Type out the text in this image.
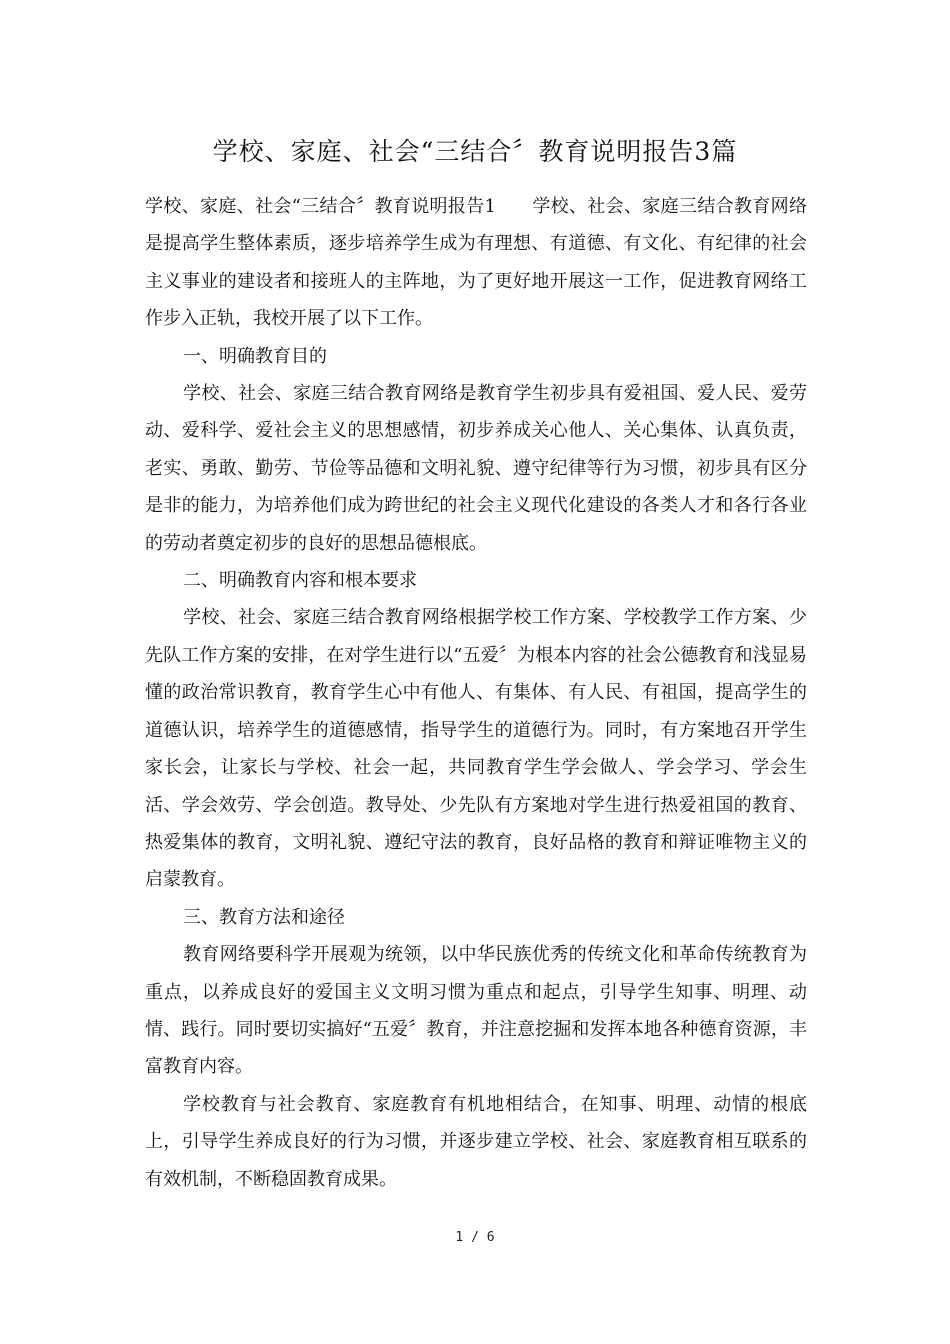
学校、家庭、社会“三结合〞教育说明报告3篇

学校、家庭、社会“三结合〞教育说明报告1 学校、社会、家庭三结合教育网络是提高学生整体素质，逐步培养学生成为有理想、有道德、有文化、有纪律的社会主义事业的建设者和接班人的主阵地，为了更好地开展这一工作，促进教育网络工作步入正轨，我校开展了以下工作。

一、明确教育目的

学校、社会、家庭三结合教育网络是教育学生初步具有爱祖国、爱人民、爱劳动、爱科学、爱社会主义的思想感情，初步养成关心他人、关心集体、认真负责，老实、勇敢、勤劳、节俭等品德和文明礼貌、遵守纪律等行为习惯，初步具有区分是非的能力，为培养他们成为跨世纪的社会主义现代化建设的各类人才和各行各业的劳动者奠定初步的良好的思想品德根底。

二、明确教育内容和根本要求

学校、社会、家庭三结合教育网络根据学校工作方案、学校教学工作方案、少先队工作方案的安排，在对学生进行以“五爱〞为根本内容的社会公德教育和浅显易懂的政治常识教育，教育学生心中有他人、有集体、有人民、有祖国，提高学生的道德认识，培养学生的道德感情，指导学生的道德行为。同时，有方案地召开学生家长会，让家长与学校、社会一起，共同教育学生学会做人、学会学习、学会生活、学会效劳、学会创造。教导处、少先队有方案地对学生进行热爱祖国的教育、热爱集体的教育，文明礼貌、遵纪守法的教育，良好品格的教育和辩证唯物主义的启蒙教育。

三、教育方法和途径

教育网络要科学开展观为统领，以中华民族优秀的传统文化和革命传统教育为重点，以养成良好的爱国主义文明习惯为重点和起点，引导学生知事、明理、动情、践行。同时要切实搞好“五爱〞教育，并注意挖掘和发挥本地各种德育资源，丰富教育内容。

学校教育与社会教育、家庭教育有机地相结合，在知事、明理、动情的根底上，引导学生养成良好的行为习惯，并逐步建立学校、社会、家庭教育相互联系的有效机制，不断稳固教育成果。

1 / 6
